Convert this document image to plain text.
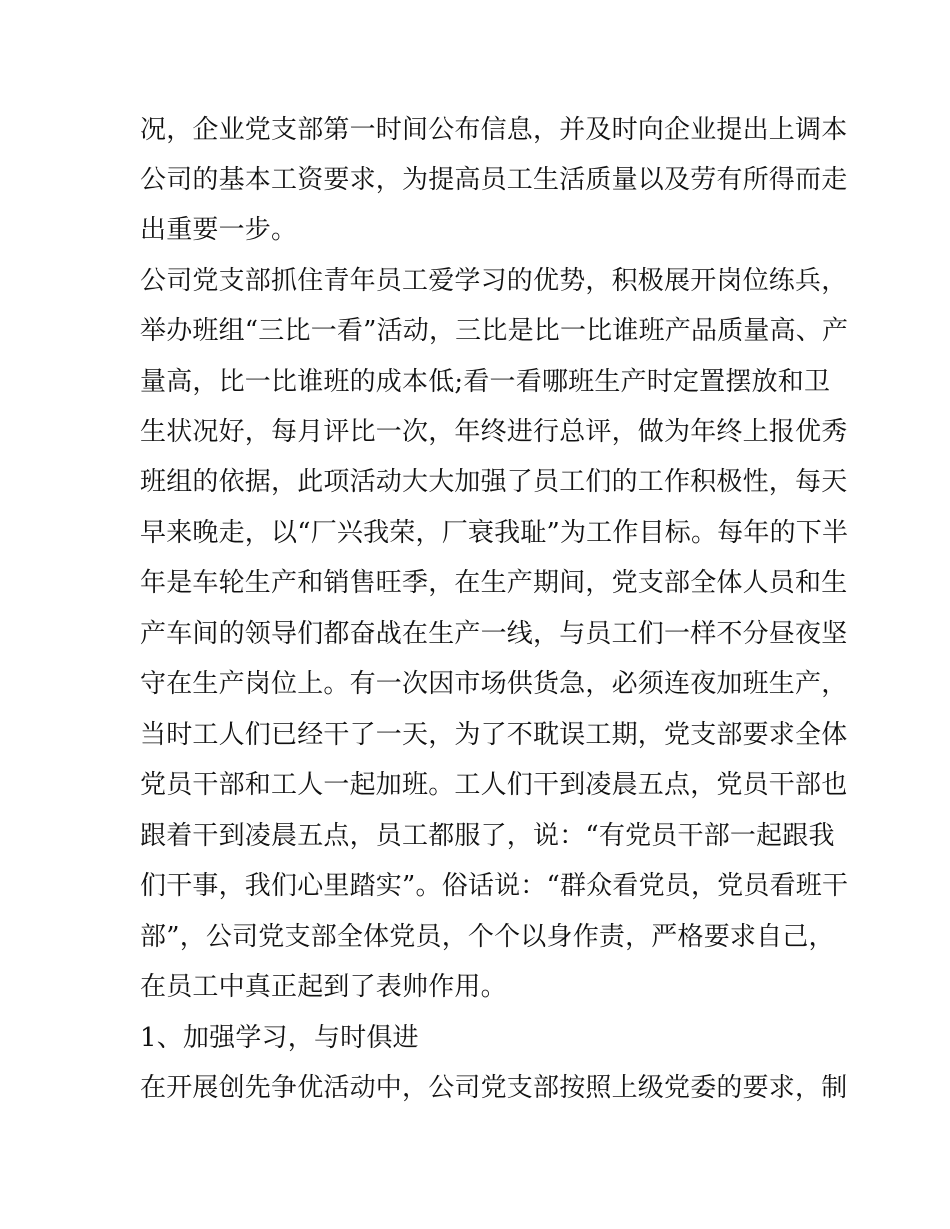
况，企业党支部第一时间公布信息，并及时向企业提出上调本
公司的基本工资要求，为提高员工生活质量以及劳有所得而走
出重要一步。
公司党支部抓住青年员工爱学习的优势，积极展开岗位练兵，
举办班组“三比一看”活动，三比是比一比谁班产品质量高、产
量高，比一比谁班的成本低;看一看哪班生产时定置摆放和卫
生状况好，每月评比一次，年终进行总评，做为年终上报优秀
班组的依据，此项活动大大加强了员工们的工作积极性，每天
早来晚走，以“厂兴我荣，厂衰我耻”为工作目标。每年的下半
年是车轮生产和销售旺季，在生产期间，党支部全体人员和生
产车间的领导们都奋战在生产一线，与员工们一样不分昼夜坚
守在生产岗位上。有一次因市场供货急，必须连夜加班生产，
当时工人们已经干了一天，为了不耽误工期，党支部要求全体
党员干部和工人一起加班。工人们干到凌晨五点，党员干部也
跟着干到凌晨五点，员工都服了，说：“有党员干部一起跟我
们干事，我们心里踏实”。俗话说：“群众看党员，党员看班干
部”，公司党支部全体党员，个个以身作责，严格要求自己，
在员工中真正起到了表帅作用。
1、加强学习，与时俱进
在开展创先争优活动中，公司党支部按照上级党委的要求，制
